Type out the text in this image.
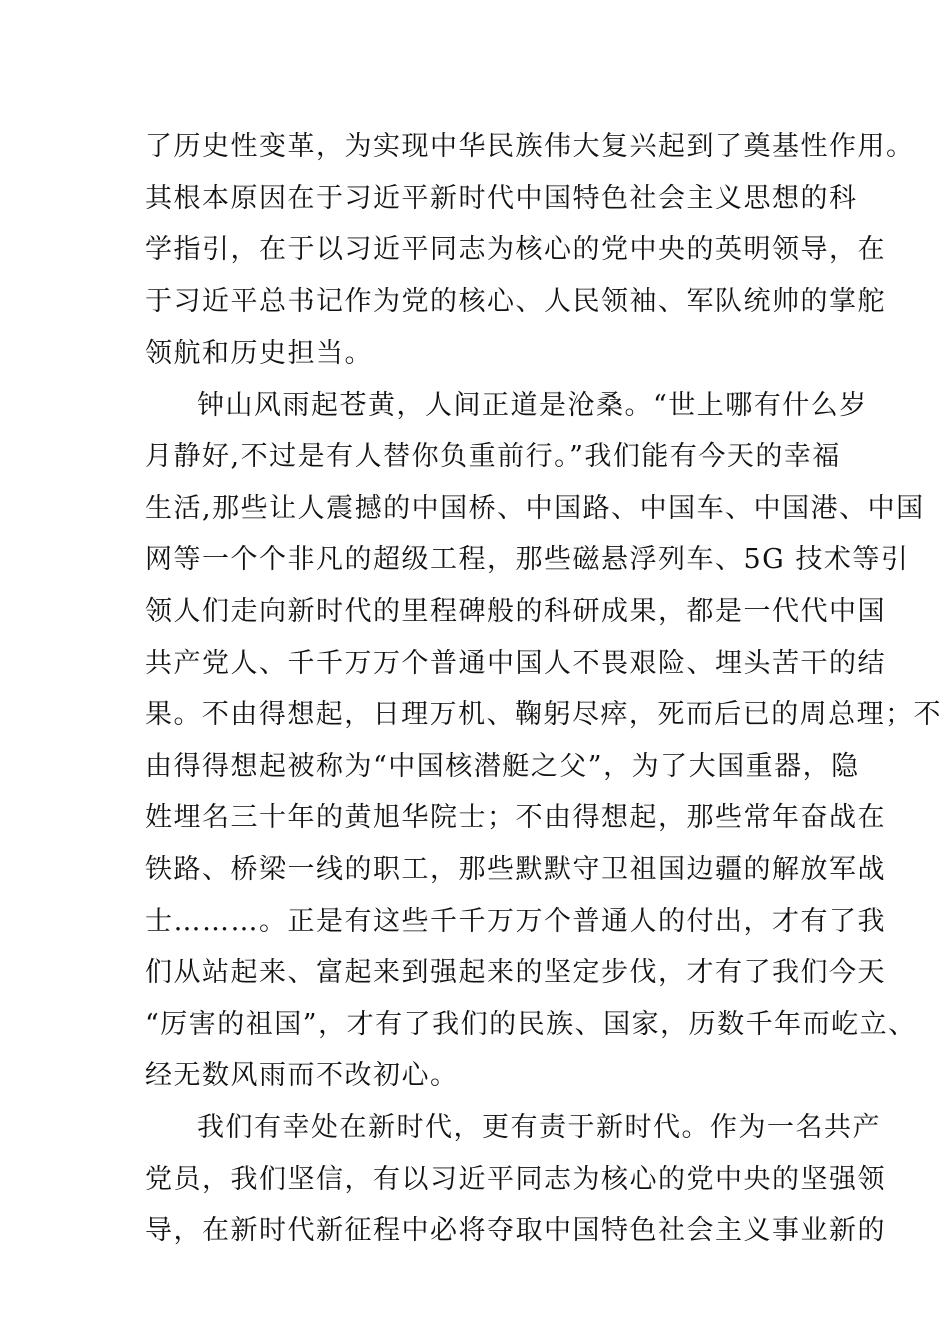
了历史性变革，为实现中华民族伟大复兴起到了奠基性作用。
其根本原因在于习近平新时代中国特色社会主义思想的科
学指引，在于以习近平同志为核心的党中央的英明领导，在
于习近平总书记作为党的核心、人民领袖、军队统帅的掌舵
领航和历史担当。
钟山风雨起苍黄，人间正道是沧桑。“世上哪有什么岁
月静好,不过是有人替你负重前行。”我们能有今天的幸福
生活,那些让人震撼的中国桥、中国路、中国车、中国港、中国
网等一个个非凡的超级工程，那些磁悬浮列车、5G 技术等引
领人们走向新时代的里程碑般的科研成果，都是一代代中国
共产党人、千千万万个普通中国人不畏艰险、埋头苦干的结
果。不由得想起，日理万机、鞠躬尽瘁，死而后已的周总理；不
由得得想起被称为“中国核潜艇之父”，为了大国重器，隐
姓埋名三十年的黄旭华院士；不由得想起，那些常年奋战在
铁路、桥梁一线的职工，那些默默守卫祖国边疆的解放军战
士………。正是有这些千千万万个普通人的付出，才有了我
们从站起来、富起来到强起来的坚定步伐，才有了我们今天
“厉害的祖国”，才有了我们的民族、国家，历数千年而屹立、
经无数风雨而不改初心。
我们有幸处在新时代，更有责于新时代。作为一名共产
党员，我们坚信，有以习近平同志为核心的党中央的坚强领
导，在新时代新征程中必将夺取中国特色社会主义事业新的
